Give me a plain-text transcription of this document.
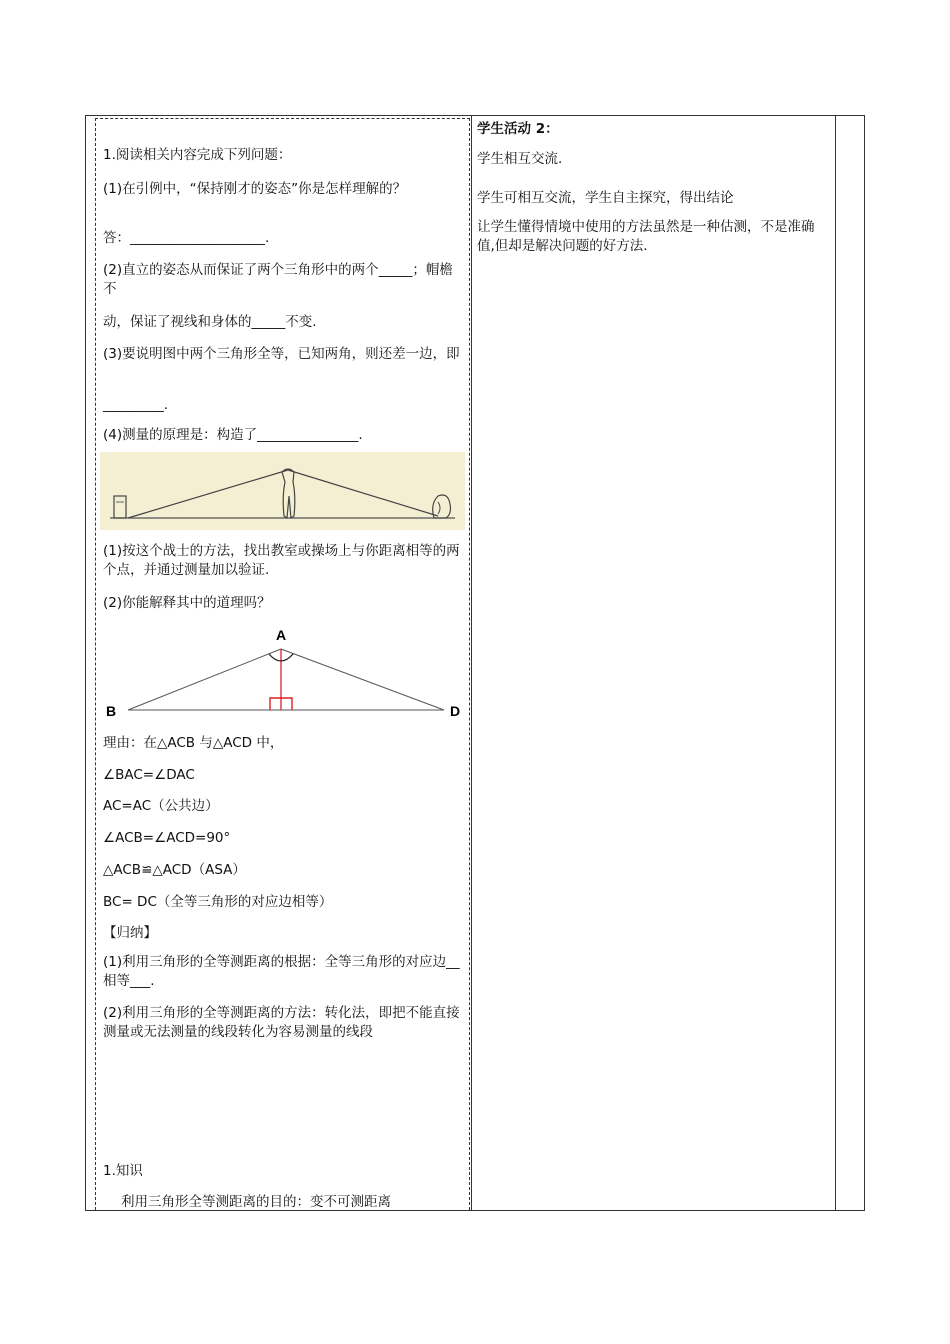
1.阅读相关内容完成下列问题：
(1)在引例中，“保持刚才的姿态”你是怎样理解的？
答：____________________.
(2)直立的姿态从而保证了两个三角形中的两个_____；帽檐不
动，保证了视线和身体的_____不变.
(3)要说明图中两个三角形全等，已知两角，则还差一边，即
_________.
(4)测量的原理是：构造了_______________.
(1)按这个战士的方法，找出教室或操场上与你距离相等的两个点，并通过测量加以验证.
(2)你能解释其中的道理吗？
A
B	D
理由：在△ACB 与△ACD 中，
∠BAC=∠DAC
AC=AC（公共边）
∠ACB=∠ACD=90°
△ACB≌△ACD（ASA）
BC= DC（全等三角形的对应边相等）
【归纳】
(1)利用三角形的全等测距离的根据：全等三角形的对应边__相等___.
(2)利用三角形的全等测距离的方法：转化法，即把不能直接测量或无法测量的线段转化为容易测量的线段
1.知识
利用三角形全等测距离的目的：变不可测距离
学生活动 2：
学生相互交流.
学生可相互交流，学生自主探究，得出结论
让学生懂得情境中使用的方法虽然是一种估测，不是准确值,但却是解决问题的好方法.
